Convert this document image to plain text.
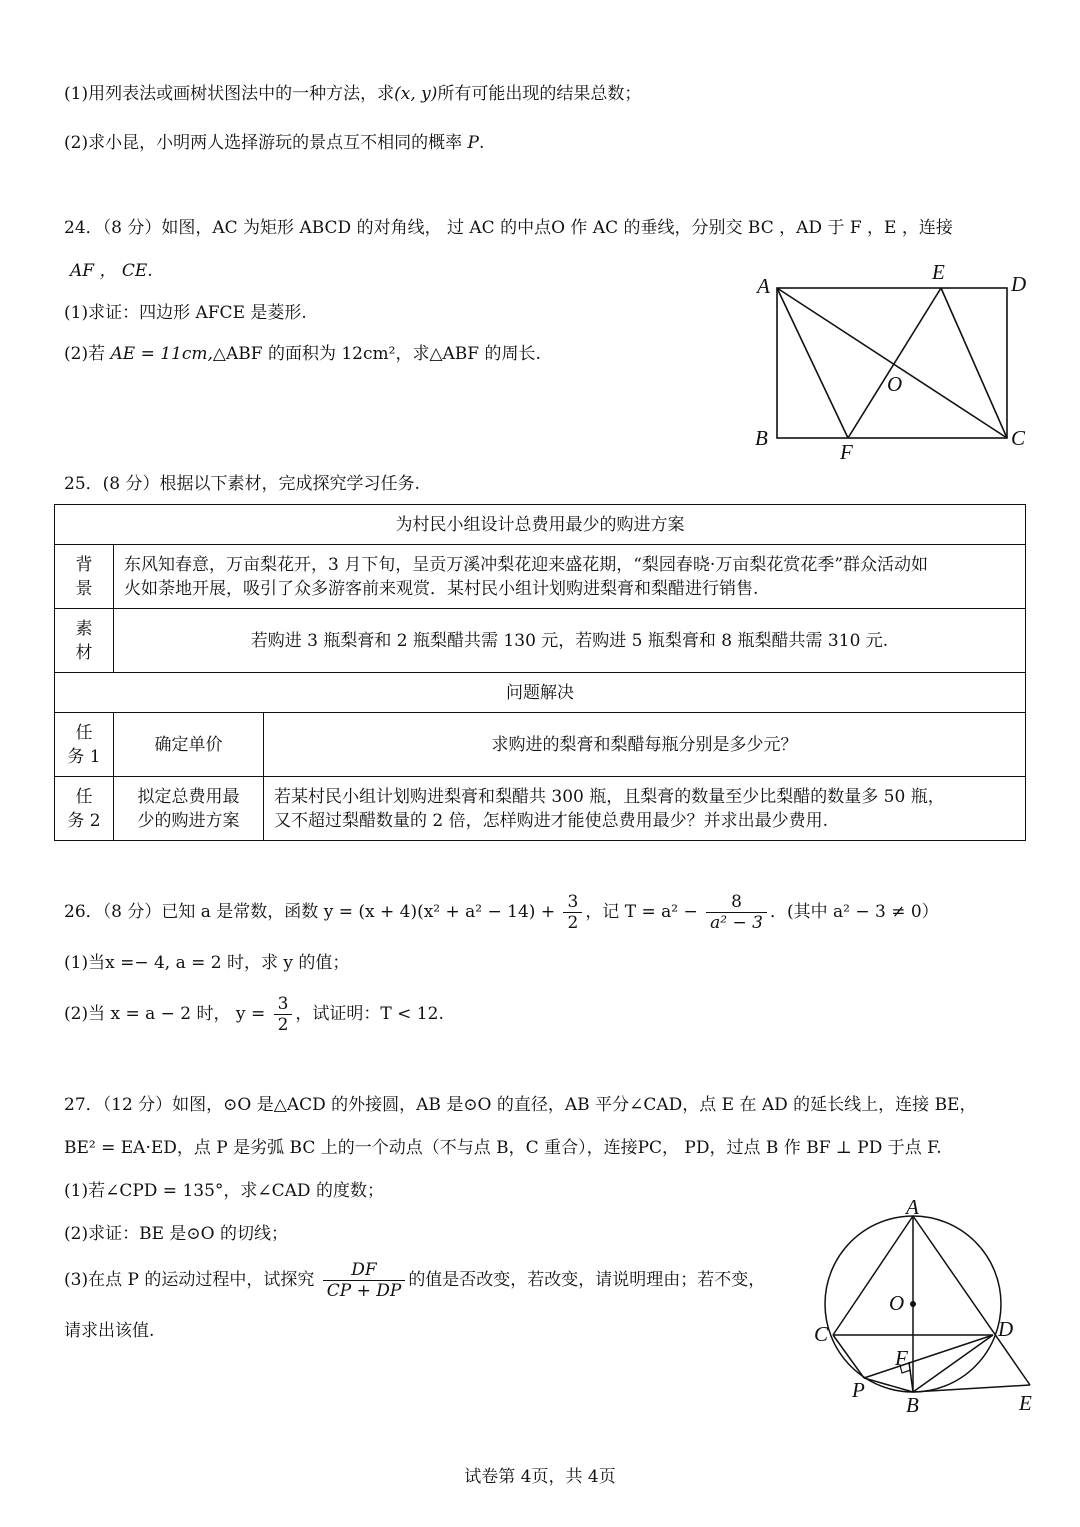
(1)用列表法或画树状图法中的一种方法，求(x, y)所有可能出现的结果总数；
(2)求小昆，小明两人选择游玩的景点互不相同的概率 P.
24．（8 分）如图，AC 为矩形 ABCD 的对角线， 过 AC 的中点O 作 AC 的垂线，分别交 BC ，AD 于 F ，E ，连接
AF ， CE.
(1)求证：四边形 AFCE 是菱形.
(2)若 AE = 11cm,△ABF 的面积为 12cm²，求△ABF 的周长.
A
E	D
B
F
C
O
25．(8 分）根据以下素材，完成探究学习任务.
为村民小组设计总费用最少的购进方案		
背
景	东风知春意，万亩梨花开，3 月下旬，呈贡万溪冲梨花迎来盛花期，“梨园春晓·万亩梨花赏花季”群众活动如
火如荼地开展，吸引了众多游客前来观赏．某村民小组计划购进梨膏和梨醋进行销售.	
素
材	若购进 3 瓶梨膏和 2 瓶梨醋共需 130 元，若购进 5 瓶梨膏和 8 瓶梨醋共需 310 元.	
问题解决		
任
务 1	确定单价	求购进的梨膏和梨醋每瓶分别是多少元？
任
务 2	拟定总费用最
少的购进方案	若某村民小组计划购进梨膏和梨醋共 300 瓶，且梨膏的数量至少比梨醋的数量多 50 瓶，
又不超过梨醋数量的 2 倍，怎样购进才能使总费用最少？并求出最少费用.
26．（8 分）已知 a 是常数，函数 $y = (x + 4)(x^2 + a^2 - 14) + \frac{3}{2}$ ，记 $T = a^2 - \frac{8}{\text{a² − 3}}$ ．(其中 a² − 3 ≠ 0）
(1)当x =− 4, a = 2 时，求 y 的值；
(2)当 x = a − 2 时， $y = \frac{3}{2}$ ，试证明：T < 12.
27．（12 分）如图，⊙O 是△ACD 的外接圆，AB 是⊙O 的直径，AB 平分∠CAD，点 E 在 AD 的延长线上，连接 BE，
BE² = EA·ED，点 P 是劣弧 BC 上的一个动点（不与点 B，C 重合），连接PC， PD，过点 B 作 BF ⊥ PD 于点 F.
(1)若∠CPD = 135°，求∠CAD 的度数；
(2)求证：BE 是⊙O 的切线；
(3)在点 P 的运动过程中，试探究 $\frac{DF}{CP + DP}$ 的值是否改变，若改变，请说明理由；若不变，
请求出该值.
A
O
C	D
F
P
B	E
试卷第 4页，共 4页
